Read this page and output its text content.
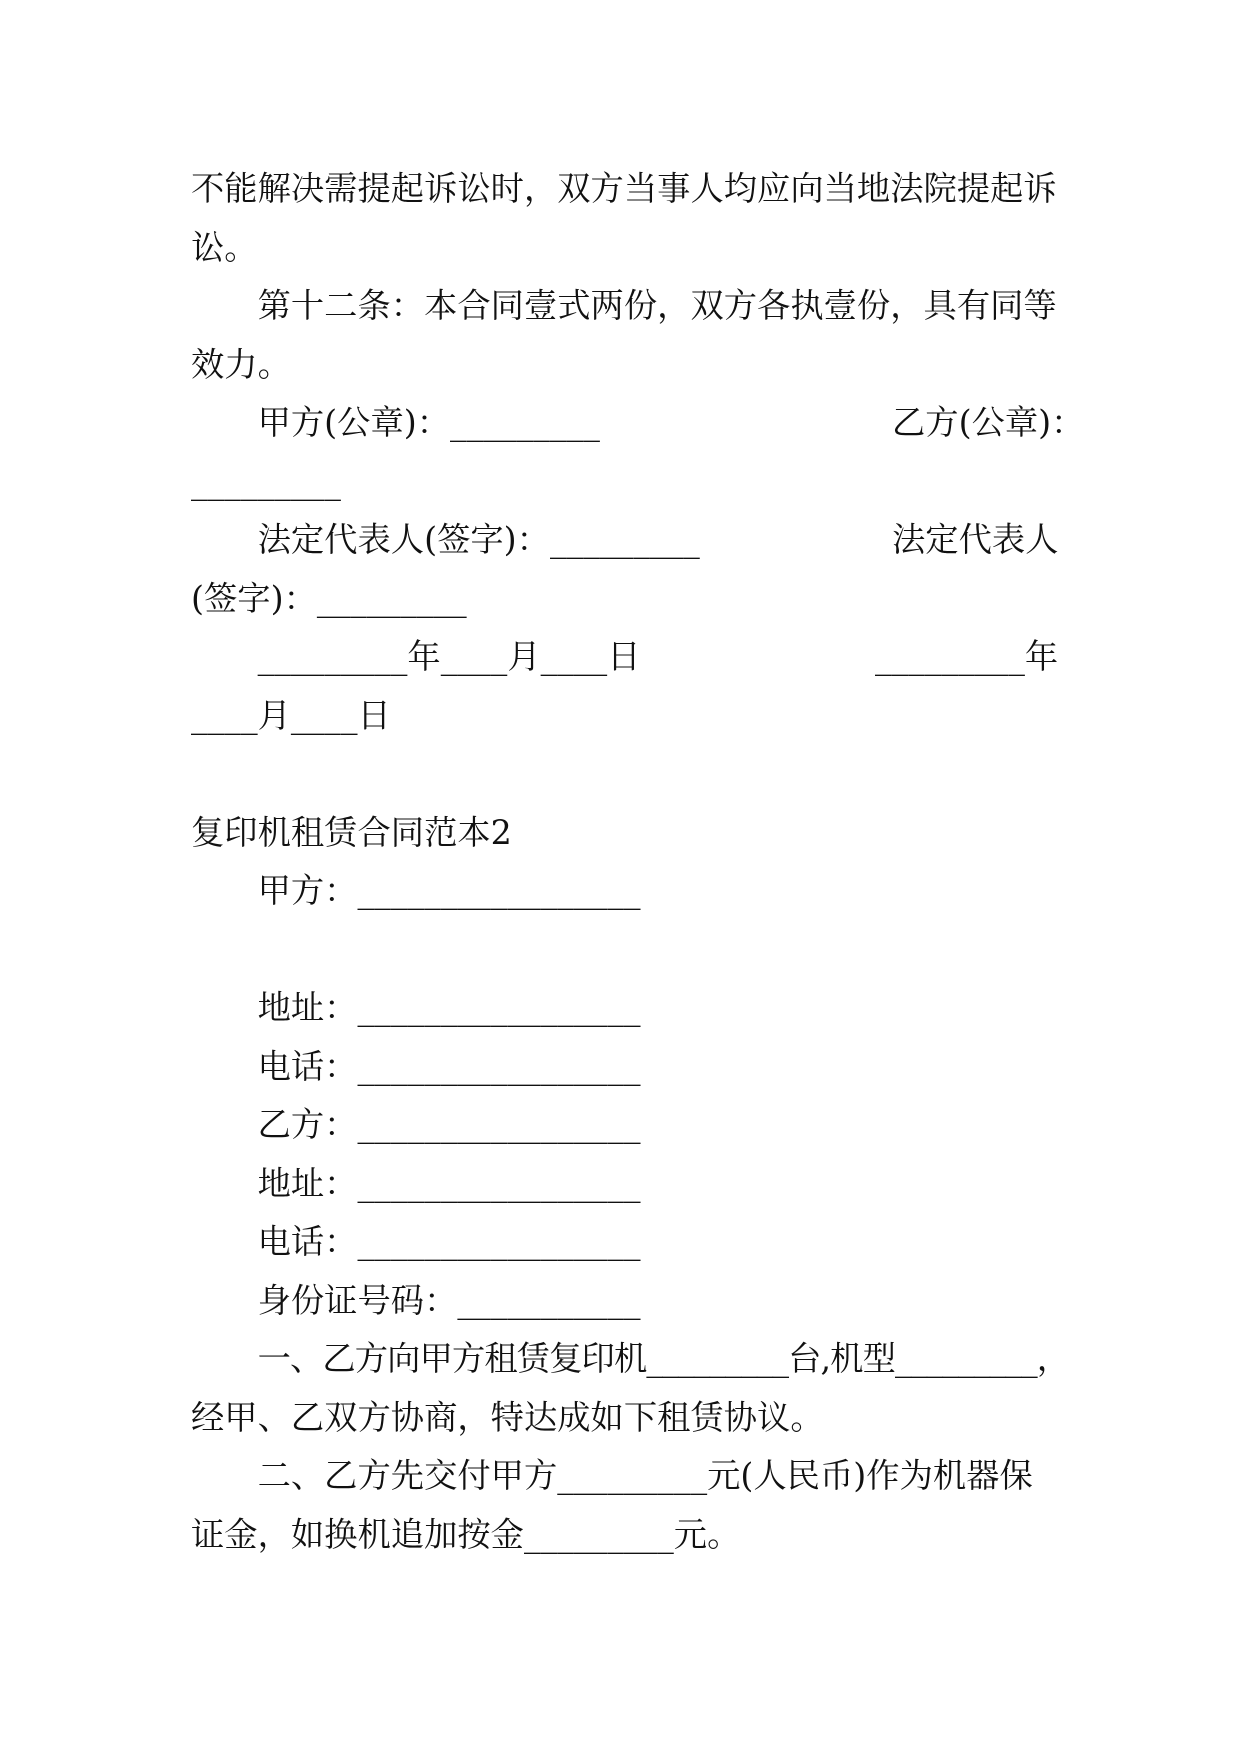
不能解决需提起诉讼时，双方当事人均应向当地法院提起诉
讼。
第十二条：本合同壹式两份，双方各执壹份，具有同等
效力。
甲方(公章)：_________	乙方(公章)：
_________
法定代表人(签字)：_________	法定代表人
(签字)：_________
_________年____月____日	_________年
____月____日
复印机租赁合同范本2
甲方：_________________
地址：_________________
电话：_________________
乙方：_________________
地址：_________________
电话：_________________
身份证号码：___________
一、乙方向甲方租赁复印机_________台,机型_________，
经甲、乙双方协商，特达成如下租赁协议。
二、乙方先交付甲方_________元(人民币)作为机器保
证金，如换机追加按金_________元。
